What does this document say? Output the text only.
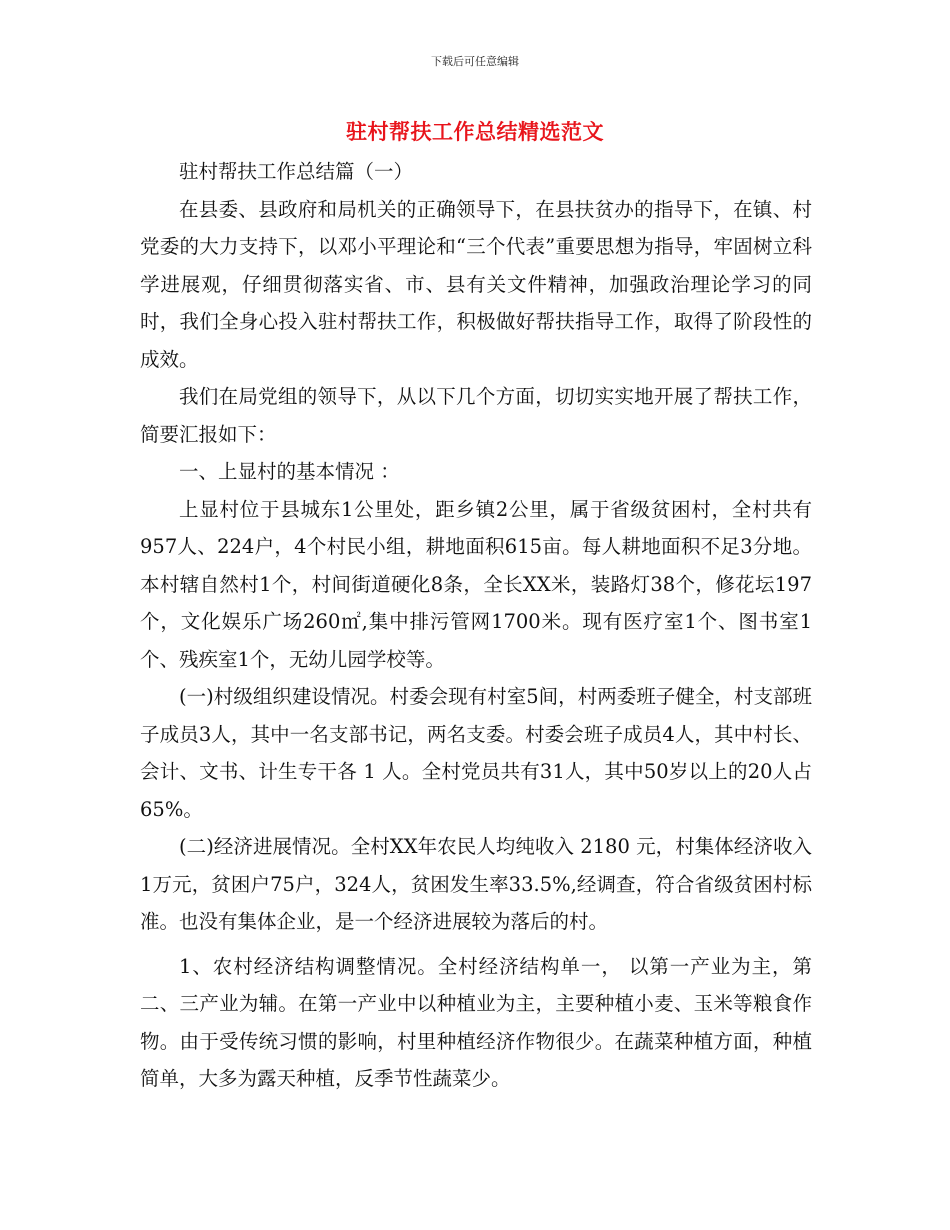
下载后可任意编辑
驻村帮扶工作总结精选范文

驻村帮扶工作总结篇（一）

在县委、县政府和局机关的正确领导下，在县扶贫办的指导下，在镇、村党委的大力支持下，以邓小平理论和“三个代表”重要思想为指导，牢固树立科学进展观，仔细贯彻落实省、市、县有关文件精神，加强政治理论学习的同时，我们全身心投入驻村帮扶工作，积极做好帮扶指导工作，取得了阶段性的成效。

我们在局党组的领导下，从以下几个方面，切切实实地开展了帮扶工作，简要汇报如下：

一、上显村的基本情况 ：

上显村位于县城东1公里处，距乡镇2公里，属于省级贫困村，全村共有957人、224户，4个村民小组，耕地面积615亩。每人耕地面积不足3分地。本村辖自然村1个，村间街道硬化8条，全长XX米，装路灯38个，修花坛197个，文化娱乐广场260㎡,集中排污管网1700米。现有医疗室1个、图书室1个、残疾室1个，无幼儿园学校等。

(一)村级组织建设情况。村委会现有村室5间，村两委班子健全，村支部班子成员3人，其中一名支部书记，两名支委。村委会班子成员4人，其中村长、会计、文书、计生专干各 1 人。全村党员共有31人，其中50岁以上的20人占65%。

(二)经济进展情况。全村XX年农民人均纯收入 2180 元，村集体经济收入1万元，贫困户75户，324人，贫困发生率33.5%,经调查，符合省级贫困村标准。也没有集体企业，是一个经济进展较为落后的村。

1、农村经济结构调整情况。全村经济结构单一， 以第一产业为主，第二、三产业为辅。在第一产业中以种植业为主，主要种植小麦、玉米等粮食作物。由于受传统习惯的影响，村里种植经济作物很少。在蔬菜种植方面，种植简单，大多为露天种植，反季节性蔬菜少。
